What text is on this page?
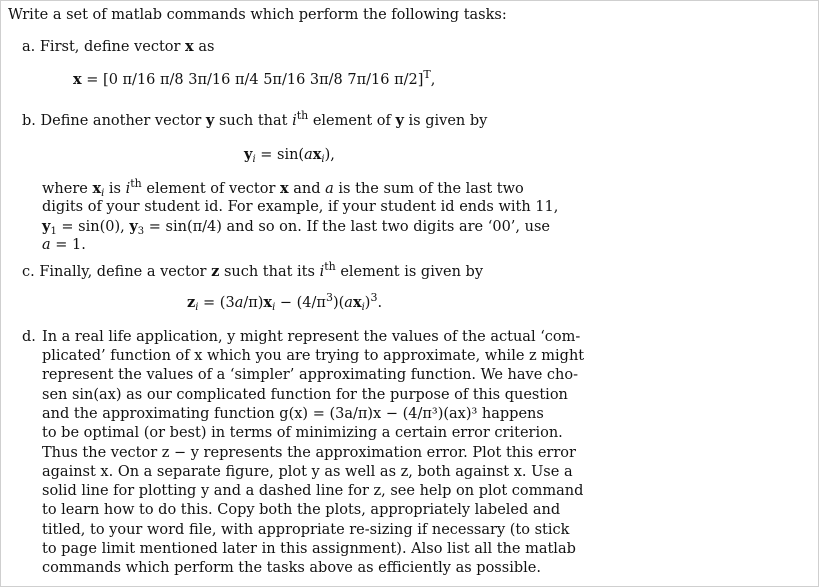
Write a set of matlab commands which perform the following tasks:
a. First, define vector x as
x = [0 π/16 π/8 3π/16 π/4 5π/16 3π/8 7π/16 π/2]$^T$,
b. Define another vector y such that $i^{th}$ element of y is given by
$y_i = \sin(ax_i)$,
where $x_i$ is $i^{th}$ element of vector x and a is the sum of the last two
digits of your student id. For example, if your student id ends with 11,
$y_1 = \sin(0)$, $y_3 = \sin(\pi/4)$ and so on. If the last two digits are ‘00’, use
a = 1.
c. Finally, define a vector z such that its $i^{th}$ element is given by
$z_i = (3a/\pi)x_i - (4/\pi^3)(ax_i)^3$.
d. In a real life application, y might represent the values of the actual ‘com-
plicated’ function of x which you are trying to approximate, while z might
represent the values of a ‘simpler’ approximating function. We have cho-
sen sin(ax) as our complicated function for the purpose of this question
and the approximating function g(x) = (3a/π)x − (4/π³)(ax)³ happens
to be optimal (or best) in terms of minimizing a certain error criterion.
Thus the vector z − y represents the approximation error. Plot this error
against x. On a separate figure, plot y as well as z, both against x. Use a
solid line for plotting y and a dashed line for z, see help on plot command
to learn how to do this. Copy both the plots, appropriately labeled and
titled, to your word file, with appropriate re-sizing if necessary (to stick
to page limit mentioned later in this assignment). Also list all the matlab
commands which perform the tasks above as efficiently as possible.
